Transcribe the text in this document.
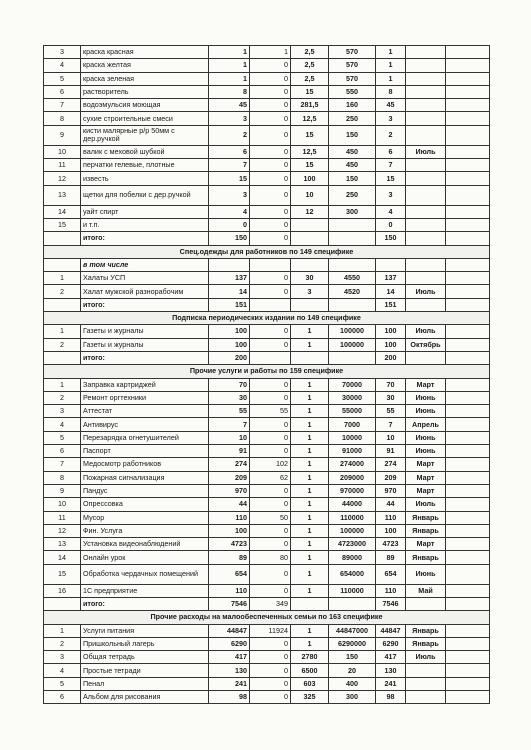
3	краска красная	1	1	2,5	570	1		
4	краска желтая	1	0	2,5	570	1		
5	краска зеленая	1	0	2,5	570	1		
6	растворитель	8	0	15	550	8		
7	водоэмульсия моющая	45	0	281,5	160	45		
8	сухие строительные смеси	3	0	12,5	250	3		
9	кисти малярные р/р 50мм с дер.ручкой	2	0	15	150	2		
10	валик с меховой шубкой	6	0	12,5	450	6	Июль	
11	перчатки гелевые, плотные	7	0	15	450	7		
12	известь	15	0	100	150	15		
13	щетки для побелки с дер.ручкой	3	0	10	250	3		
14	уайт спирт	4	0	12	300	4		
15	и т.п.	0	0			0		
	итого:	150	0			150		
Спец.одежды для работников по 149 специфике								
	в том числе							
1	Халаты УСП	137	0	30	4550	137		
2	Халат мужской разнорабочим	14	0	3	4520	14	Июль	
	итого:	151				151		
Подписка периодических издании по 149 специфике								
1	Газеты и журналы	100	0	1	100000	100	Июль	
2	Газеты и журналы	100	0	1	100000	100	Октябрь	
	итого:	200				200		
Прочие услуги и работы по 159 специфике								
1	Заправка картриджей	70	0	1	70000	70	Март	
2	Ремонт оргтехники	30	0	1	30000	30	Июнь	
3	Аттестат	55	55	1	55000	55	Июнь	
4	Антивирус	7	0	1	7000	7	Апрель	
5	Перезарядка огнетушителей	10	0	1	10000	10	Июнь	
6	Паспорт	91	0	1	91000	91	Июнь	
7	Медосмотр работников	274	102	1	274000	274	Март	
8	Пожарная сигнализация	209	62	1	209000	209	Март	
9	Пандус	970	0	1	970000	970	Март	
10	Опрессовка	44	0	1	44000	44	Июль	
11	Мусор	110	50	1	110000	110	Январь	
12	Фин. Услуга	100	0	1	100000	100	Январь	
13	Установка видеонаблюдений	4723	0	1	4723000	4723	Март	
14	Онлайн урок	89	80	1	89000	89	Январь	
15	Обработка чердачных помещений	654	0	1	654000	654	Июнь	
16	1С предприятие	110	0	1	110000	110	Май	
	итого:	7546	349			7546		
Прочие расходы на малообеспеченных семьи по 163 специфике								
1	Услуги питания	44847	11924	1	44847000	44847	Январь	
2	Пришкольный лагерь	6290	0	1	6290000	6290	Январь	
3	Общая тетрадь	417	0	2780	150	417	Июль	
4	Простые тетради	130	0	6500	20	130		
5	Пенал	241	0	603	400	241		
6	Альбом для рисования	98	0	325	300	98		
